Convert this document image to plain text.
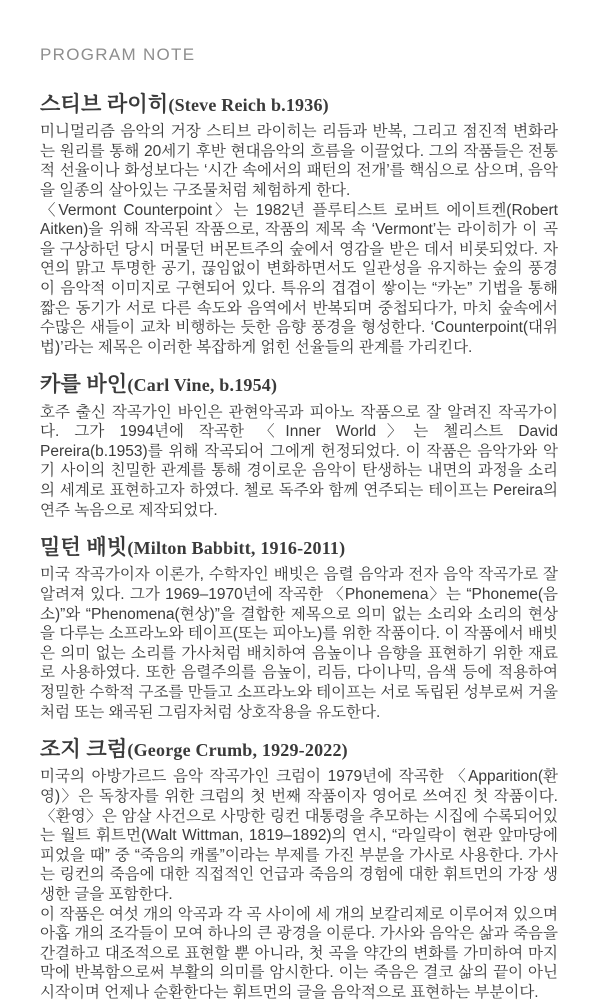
PROGRAM NOTE
스티브 라이히(Steve Reich b.1936)

미니멀리즘 음악의 거장 스티브 라이히는 리듬과 반복, 그리고 점진적 변화라는 원리를 통해 20세기 후반 현대음악의 흐름을 이끌었다. 그의 작품들은 전통적 선율이나 화성보다는 ‘시간 속에서의 패턴의 전개’를 핵심으로 삼으며, 음악을 일종의 살아있는 구조물처럼 체험하게 한다.

〈Vermont Counterpoint〉는 1982년 플루티스트 로버트 에이트켄(Robert Aitken)을 위해 작곡된 작품으로, 작품의 제목 속 ‘Vermont’는 라이히가 이 곡을 구상하던 당시 머물던 버몬트주의 숲에서 영감을 받은 데서 비롯되었다. 자연의 맑고 투명한 공기, 끊임없이 변화하면서도 일관성을 유지하는 숲의 풍경이 음악적 이미지로 구현되어 있다. 특유의 겹겹이 쌓이는 “카논” 기법을 통해 짧은 동기가 서로 다른 속도와 음역에서 반복되며 중첩되다가, 마치 숲속에서 수많은 새들이 교차 비행하는 듯한 음향 풍경을 형성한다. ‘Counterpoint(대위법)’라는 제목은 이러한 복잡하게 얽힌 선율들의 관계를 가리킨다.

카를 바인(Carl Vine, b.1954)

호주 출신 작곡가인 바인은 관현악곡과 피아노 작품으로 잘 알려진 작곡가이다. 그가 1994년에 작곡한 〈Inner World〉는 첼리스트 David Pereira(b.1953)를 위해 작곡되어 그에게 헌정되었다. 이 작품은 음악가와 악기 사이의 친밀한 관계를 통해 경이로운 음악이 탄생하는 내면의 과정을 소리의 세계로 표현하고자 하였다. 첼로 독주와 함께 연주되는 테이프는 Pereira의 연주 녹음으로 제작되었다.

밀턴 배빗(Milton Babbitt, 1916-2011)

미국 작곡가이자 이론가, 수학자인 배빗은 음렬 음악과 전자 음악 작곡가로 잘 알려져 있다. 그가 1969–1970년에 작곡한 〈Phonemena〉는 “Phoneme(음소)”와 “Phenomena(현상)”을 결합한 제목으로 의미 없는 소리와 소리의 현상을 다루는 소프라노와 테이프(또는 피아노)를 위한 작품이다. 이 작품에서 배빗은 의미 없는 소리를 가사처럼 배치하여 음높이나 음향을 표현하기 위한 재료로 사용하였다. 또한 음렬주의를 음높이, 리듬, 다이나믹, 음색 등에 적용하여 정밀한 수학적 구조를 만들고 소프라노와 테이프는 서로 독립된 성부로써 거울처럼 또는 왜곡된 그림자처럼 상호작용을 유도한다.

조지 크럼(George Crumb, 1929-2022)

미국의 아방가르드 음악 작곡가인 크럼이 1979년에 작곡한 〈Apparition(환영)〉은 독창자를 위한 크럼의 첫 번째 작품이자 영어로 쓰여진 첫 작품이다. 〈환영〉은 암살 사건으로 사망한 링컨 대통령을 추모하는 시집에 수록되어있는 월트 휘트먼(Walt Wittman, 1819–1892)의 연시, “라일락이 현관 앞마당에 피었을 때” 중 “죽음의 캐롤”이라는 부제를 가진 부분을 가사로 사용한다. 가사는 링컨의 죽음에 대한 직접적인 언급과 죽음의 경험에 대한 휘트먼의 가장 생생한 글을 포함한다.

이 작품은 여섯 개의 악곡과 각 곡 사이에 세 개의 보칼리제로 이루어져 있으며 아홉 개의 조각들이 모여 하나의 큰 광경을 이룬다. 가사와 음악은 삶과 죽음을 간결하고 대조적으로 표현할 뿐 아니라, 첫 곡을 약간의 변화를 가미하여 마지막에 반복함으로써 부활의 의미를 암시한다. 이는 죽음은 결코 삶의 끝이 아닌 시작이며 언제나 순환한다는 휘트먼의 글을 음악적으로 표현하는 부분이다.
